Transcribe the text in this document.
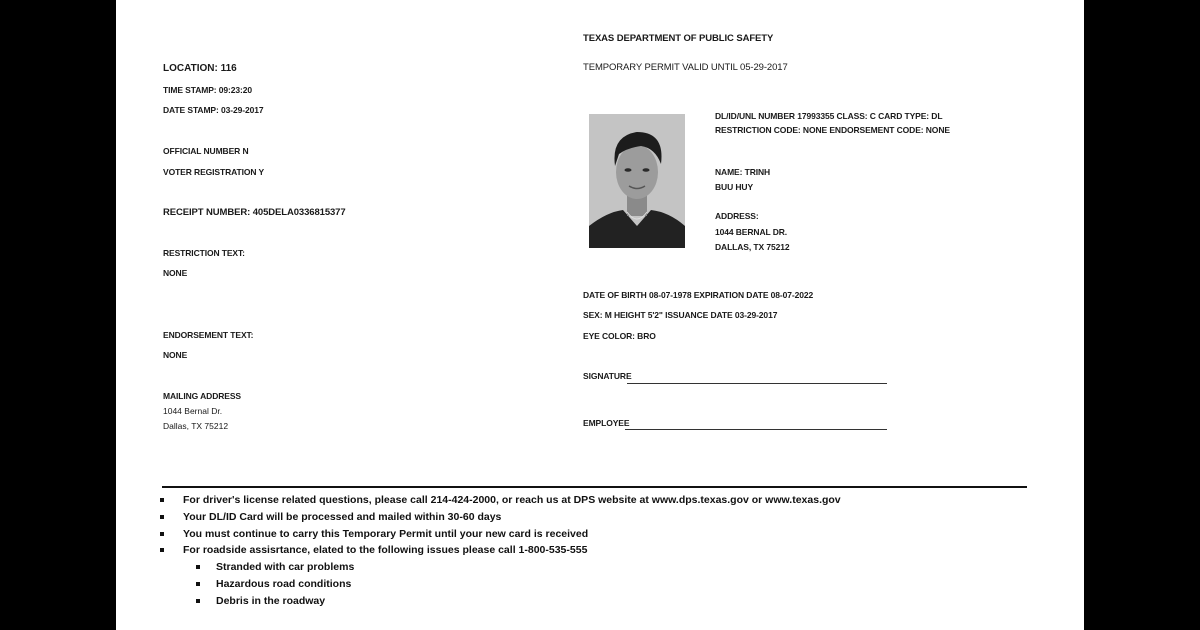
TEXAS DEPARTMENT OF PUBLIC SAFETY
TEMPORARY PERMIT VALID UNTIL 05-29-2017
LOCATION: 116
TIME STAMP: 09:23:20
DATE STAMP: 03-29-2017
OFFICIAL NUMBER N
VOTER REGISTRATION Y
RECEIPT NUMBER: 405DELA0336815377
RESTRICTION TEXT:
NONE
ENDORSEMENT TEXT:
NONE
MAILING ADDRESS
1044 Bernal Dr.
Dallas, TX 75212
DL/ID/UNL NUMBER 17993355 CLASS: C CARD TYPE: DL
RESTRICTION CODE: NONE ENDORSEMENT CODE: NONE
NAME: TRINH
BUU HUY
ADDRESS:
1044 BERNAL DR.
DALLAS, TX 75212
DATE OF BIRTH 08-07-1978 EXPIRATION DATE 08-07-2022
SEX: M HEIGHT 5'2" ISSUANCE DATE 03-29-2017
EYE COLOR: BRO
SIGNATURE
EMPLOYEE
For driver's license related questions, please call 214-424-2000, or reach us at DPS website at www.dps.texas.gov or www.texas.gov
Your DL/ID Card will be processed and mailed within 30-60 days
You must continue to carry this Temporary Permit until your new card is received
For roadside assisrtance, elated to the following issues please call 1-800-535-555
Stranded with car problems
Hazardous road conditions
Debris in the roadway
